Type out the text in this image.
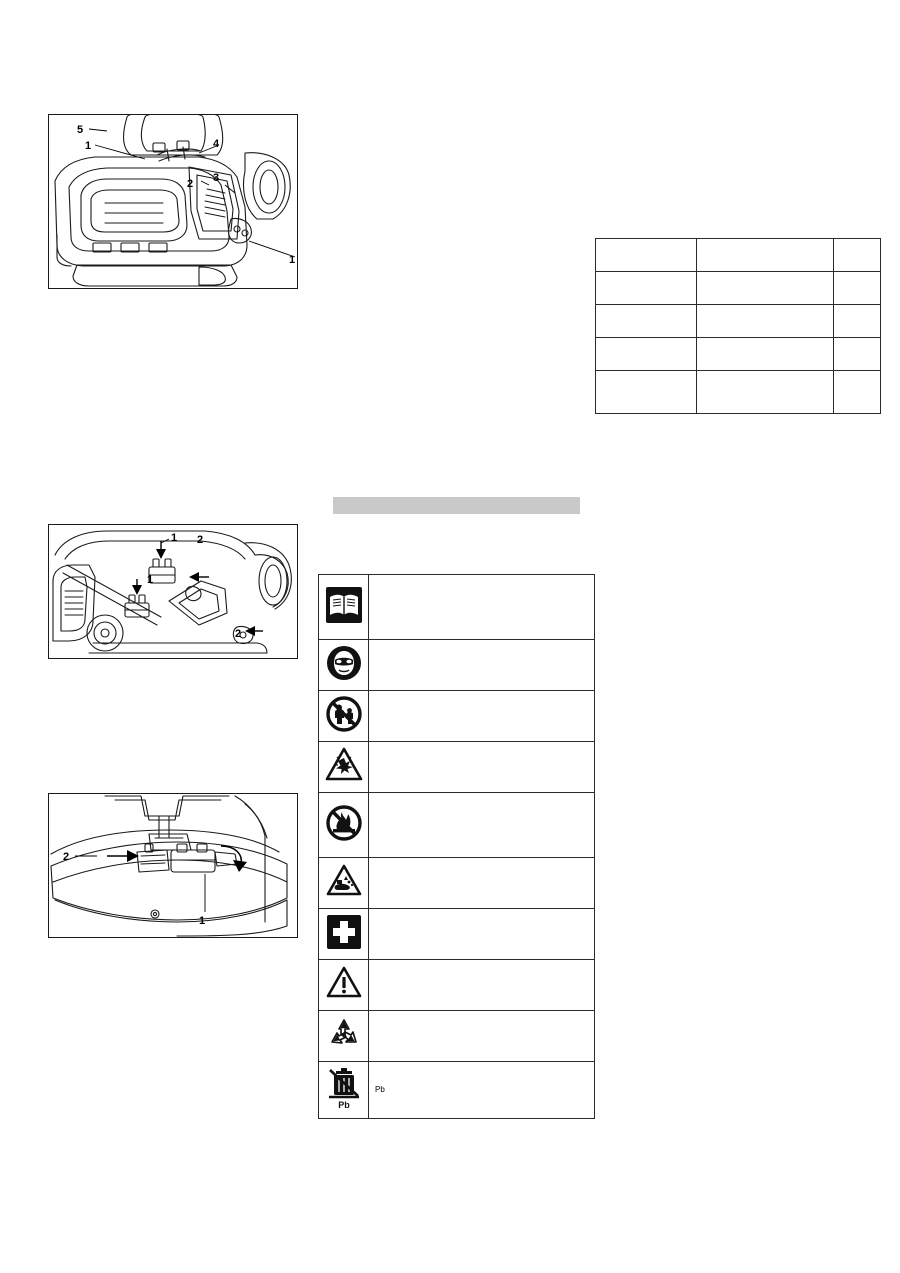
5
1	4
2 3
1
1 2
1
2
2
1

Pb	Pb
